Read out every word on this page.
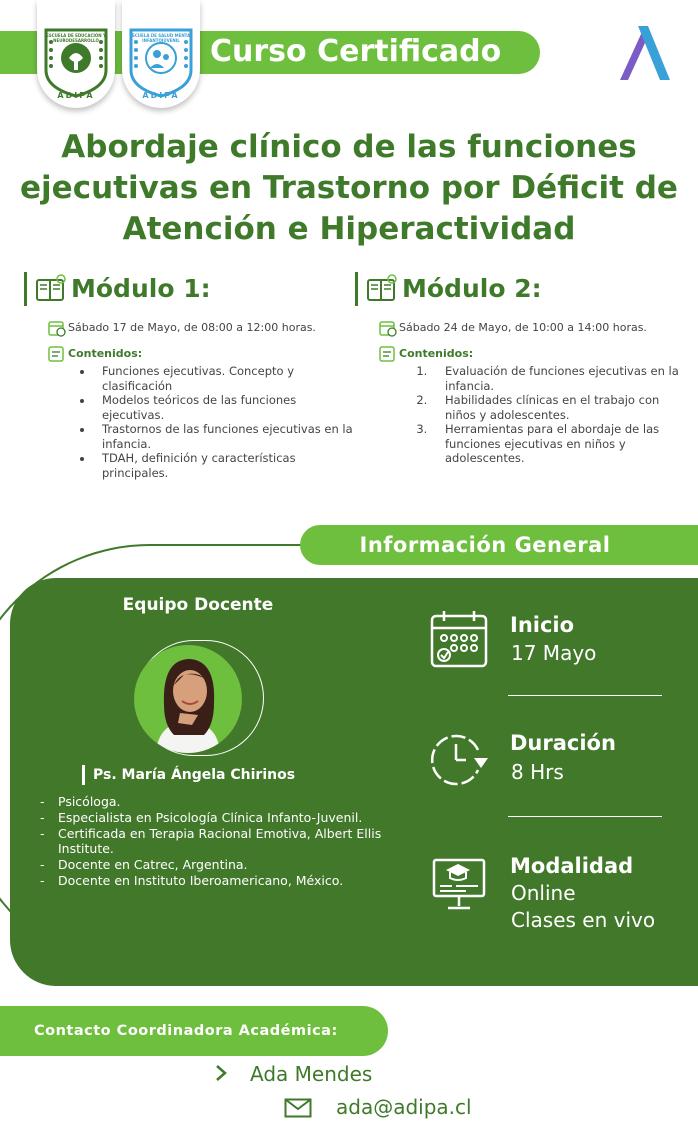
Curso Certificado
ESCUELA DE EDUCACIÓN Y NEURODESARROLLO
ADIPA
ESCUELA DE SALUD MENTAL INFANTOJUVENIL
ADIPA
Abordaje clínico de las funciones ejecutivas en Trastorno por Déficit de Atención e Hiperactividad
Módulo 1:
Sábado 17 de Mayo, de 08:00 a 12:00 horas.
Contenidos:
• Funciones ejecutivas. Concepto y clasificación
• Modelos teóricos de las funciones ejecutivas.
• Trastornos de las funciones ejecutivas en la infancia.
• TDAH, definición y características principales.
Módulo 2:
Sábado 24 de Mayo, de 10:00 a 14:00 horas.
Contenidos:
1. Evaluación de funciones ejecutivas en la infancia.
2. Habilidades clínicas en el trabajo con niños y adolescentes.
3. Herramientas para el abordaje de las funciones ejecutivas en niños y adolescentes.
Información General
Equipo Docente
Ps. María Ángela Chirinos
- Psicóloga.
- Especialista en Psicología Clínica Infanto-Juvenil.
- Certificada en Terapia Racional Emotiva, Albert Ellis Institute.
- Docente en Catrec, Argentina.
- Docente en Instituto Iberoamericano, México.
Inicio
17 Mayo
Duración
8 Hrs
Modalidad
Online
Clases en vivo
Contacto Coordinadora Académica:
Ada Mendes
ada@adipa.cl
